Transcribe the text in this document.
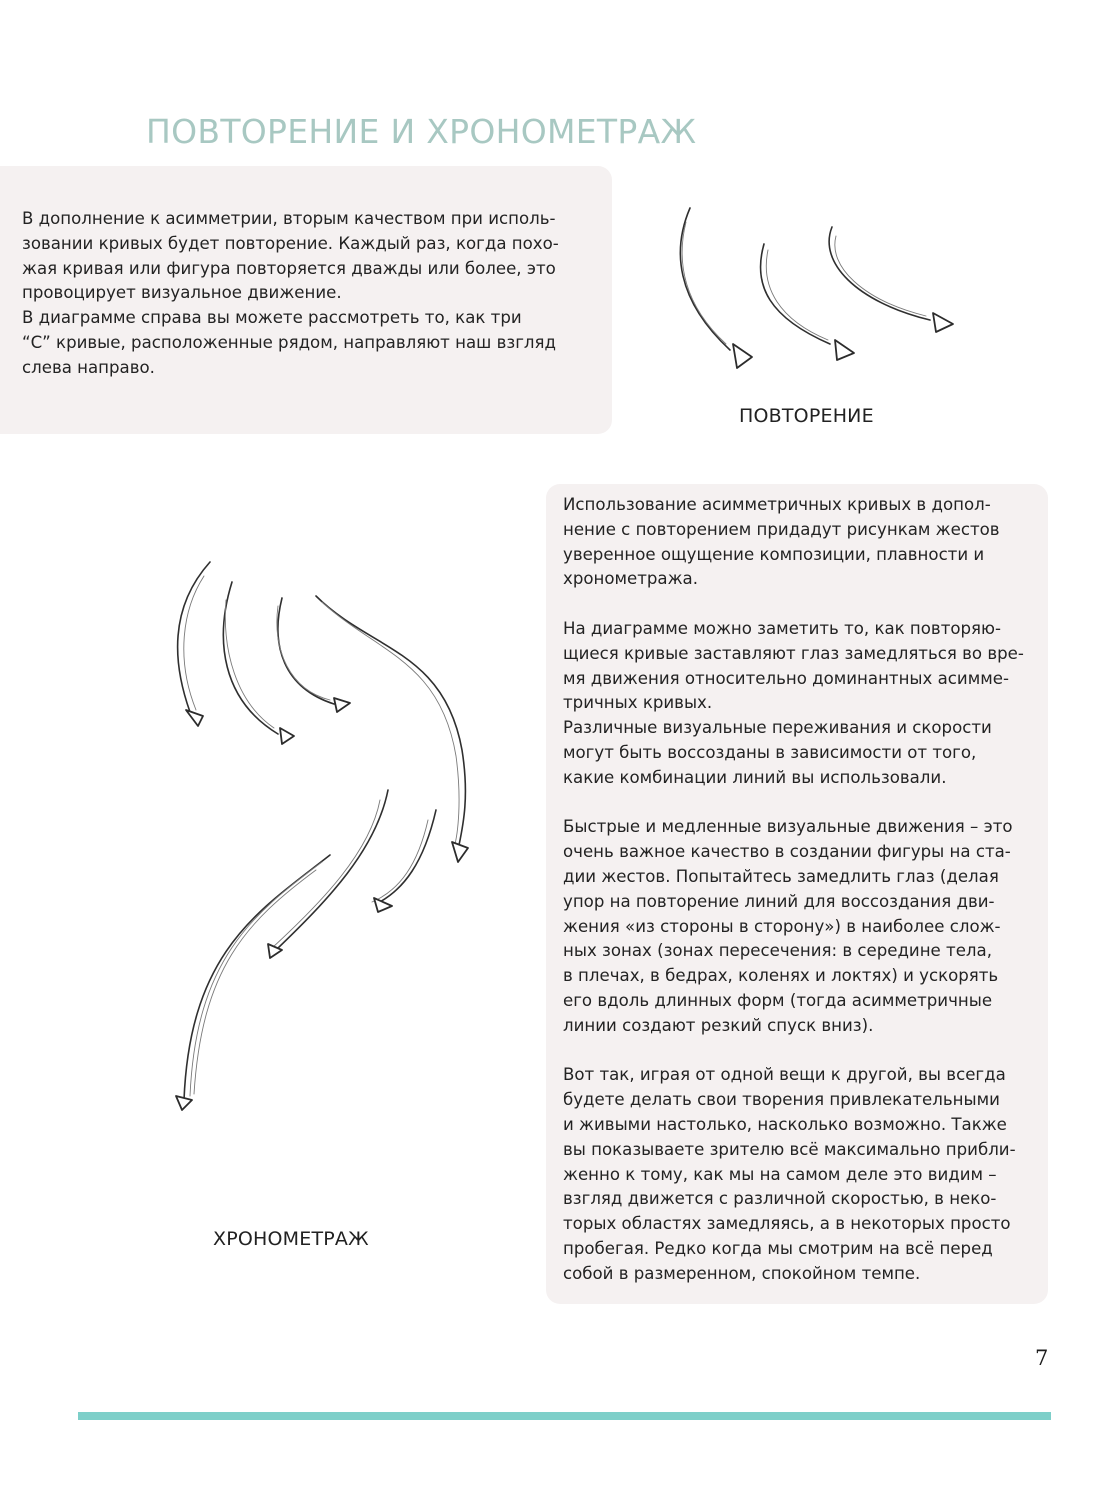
ПОВТОРЕНИЕ И ХРОНОМЕТРАЖ

В дополнение к асимметрии, вторым качеством при исполь-

зовании кривых будет повторение. Каждый раз, когда похо-

жая кривая или фигура повторяется дважды или более, это

провоцирует визуальное движение.

В диаграмме справа вы можете рассмотреть то, как три

“С” кривые, расположенные рядом, направляют наш взгляд

слева направо.

ПОВТОРЕНИЕ
ХРОНОМЕТРАЖ

Использование асимметричных кривых в допол-

нение с повторением придадут рисункам жестов

уверенное ощущение композиции, плавности и

хронометража.

На диаграмме можно заметить то, как повторяю-

щиеся кривые заставляют глаз замедляться во вре-

мя движения относительно доминантных асимме-

тричных кривых.

Различные визуальные переживания и скорости

могут быть воссозданы в зависимости от того,

какие комбинации линий вы использовали.

Быстрые и медленные визуальные движения – это

очень важное качество в создании фигуры на ста-

дии жестов. Попытайтесь замедлить глаз (делая

упор на повторение линий для воссоздания дви-

жения «из стороны в сторону») в наиболее слож-

ных зонах (зонах пересечения: в середине тела,

в плечах, в бедрах, коленях и локтях) и ускорять

его вдоль длинных форм (тогда асимметричные

линии создают резкий спуск вниз).

Вот так, играя от одной вещи к другой, вы всегда

будете делать свои творения привлекательными

и живыми настолько, насколько возможно. Также

вы показываете зрителю всё максимально прибли-

женно к тому, как мы на самом деле это видим –

взгляд движется с различной скоростью, в неко-

торых областях замедляясь, а в некоторых просто

пробегая. Редко когда мы смотрим на всё перед

собой в размеренном, спокойном темпе.

7
